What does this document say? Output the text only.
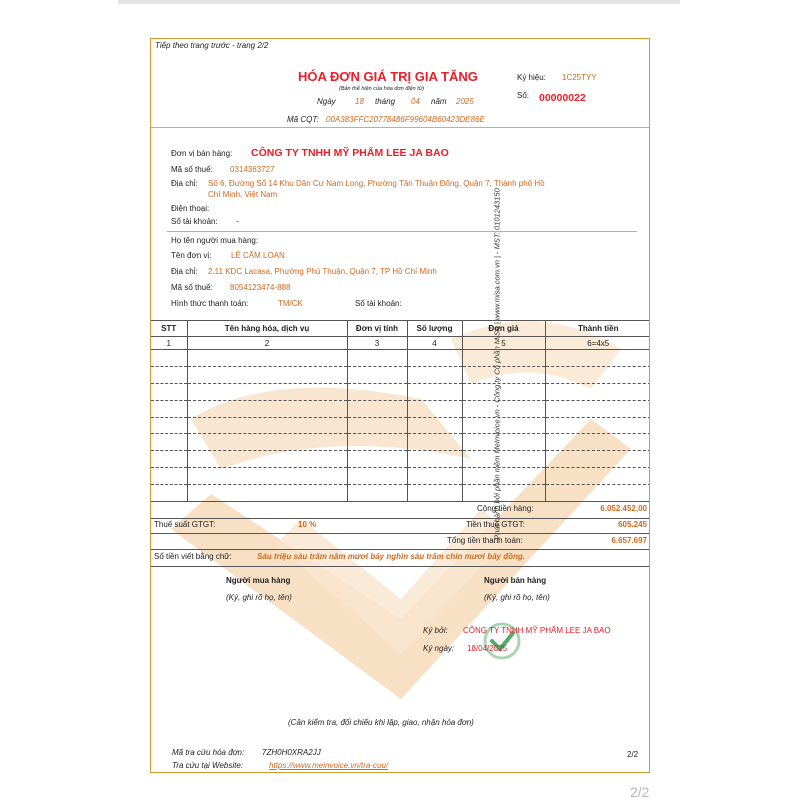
Tiếp theo trang trước - trang 2/2
HÓA ĐƠN GIÁ TRỊ GIA TĂNG
(Bản thể hiện của hóa đơn điện tử)
Ngày 18 tháng 04 năm 2025
Mã CQT: 00A383FFC20778486F99604B60423DE86E
Ký hiệu: 1C25TYY
Số: 00000022
Đơn vị bán hàng: CÔNG TY TNHH MỸ PHẨM LEE JA BAO
Mã số thuế: 0314363727
Địa chỉ: Số 6, Đường Số 14 Khu Dân Cư Nam Long, Phường Tân Thuận Đông, Quận 7, Thành phố Hồ
Chí Minh, Việt Nam
Điện thoại:
Số tài khoản: -
Họ tên người mua hàng:
Tên đơn vị: LÊ CẨM LOAN
Địa chỉ: 2.11 KDC Lacasa, Phường Phú Thuận, Quận 7, TP Hồ Chí Minh
Mã số thuế: 8054123474-888
Hình thức thanh toán:	TM/CK	Số tài khoản:
STT	Tên hàng hóa, dịch vụ	Đơn vị tính	Số lượng	Đơn giá	Thành tiền
1	2	3	4	5	6=4x5

Cộng tiền hàng:	6.052.452,00
Thuế suất GTGT:	10 %	Tiền thuế GTGT:	605.245
Tổng tiền thanh toán:	6.657.697
Số tiền viết bằng chữ:	Sáu triệu sáu trăm năm mươi bảy nghìn sáu trăm chín mươi bảy đồng.
Người mua hàng
(Ký, ghi rõ họ, tên)
Người bán hàng
(Ký, ghi rõ họ, tên)
Ký bởi: CÔNG TY TNHH MỸ PHẨM LEE JA BAO
Ký ngày: 18/04/2025
(Cần kiểm tra, đối chiếu khi lập, giao, nhận hóa đơn)
Mã tra cứu hóa đơn: 7ZH0H0XRA2JJ
Tra cứu tại Website:	https://www.meinvoice.vn/tra-cuu/
2/2
Phát hành bởi phần mềm MeInvoice.vn - Công ty Cổ phần MISA | www.misa.com.vn | - MST: 0101243150
2/2
